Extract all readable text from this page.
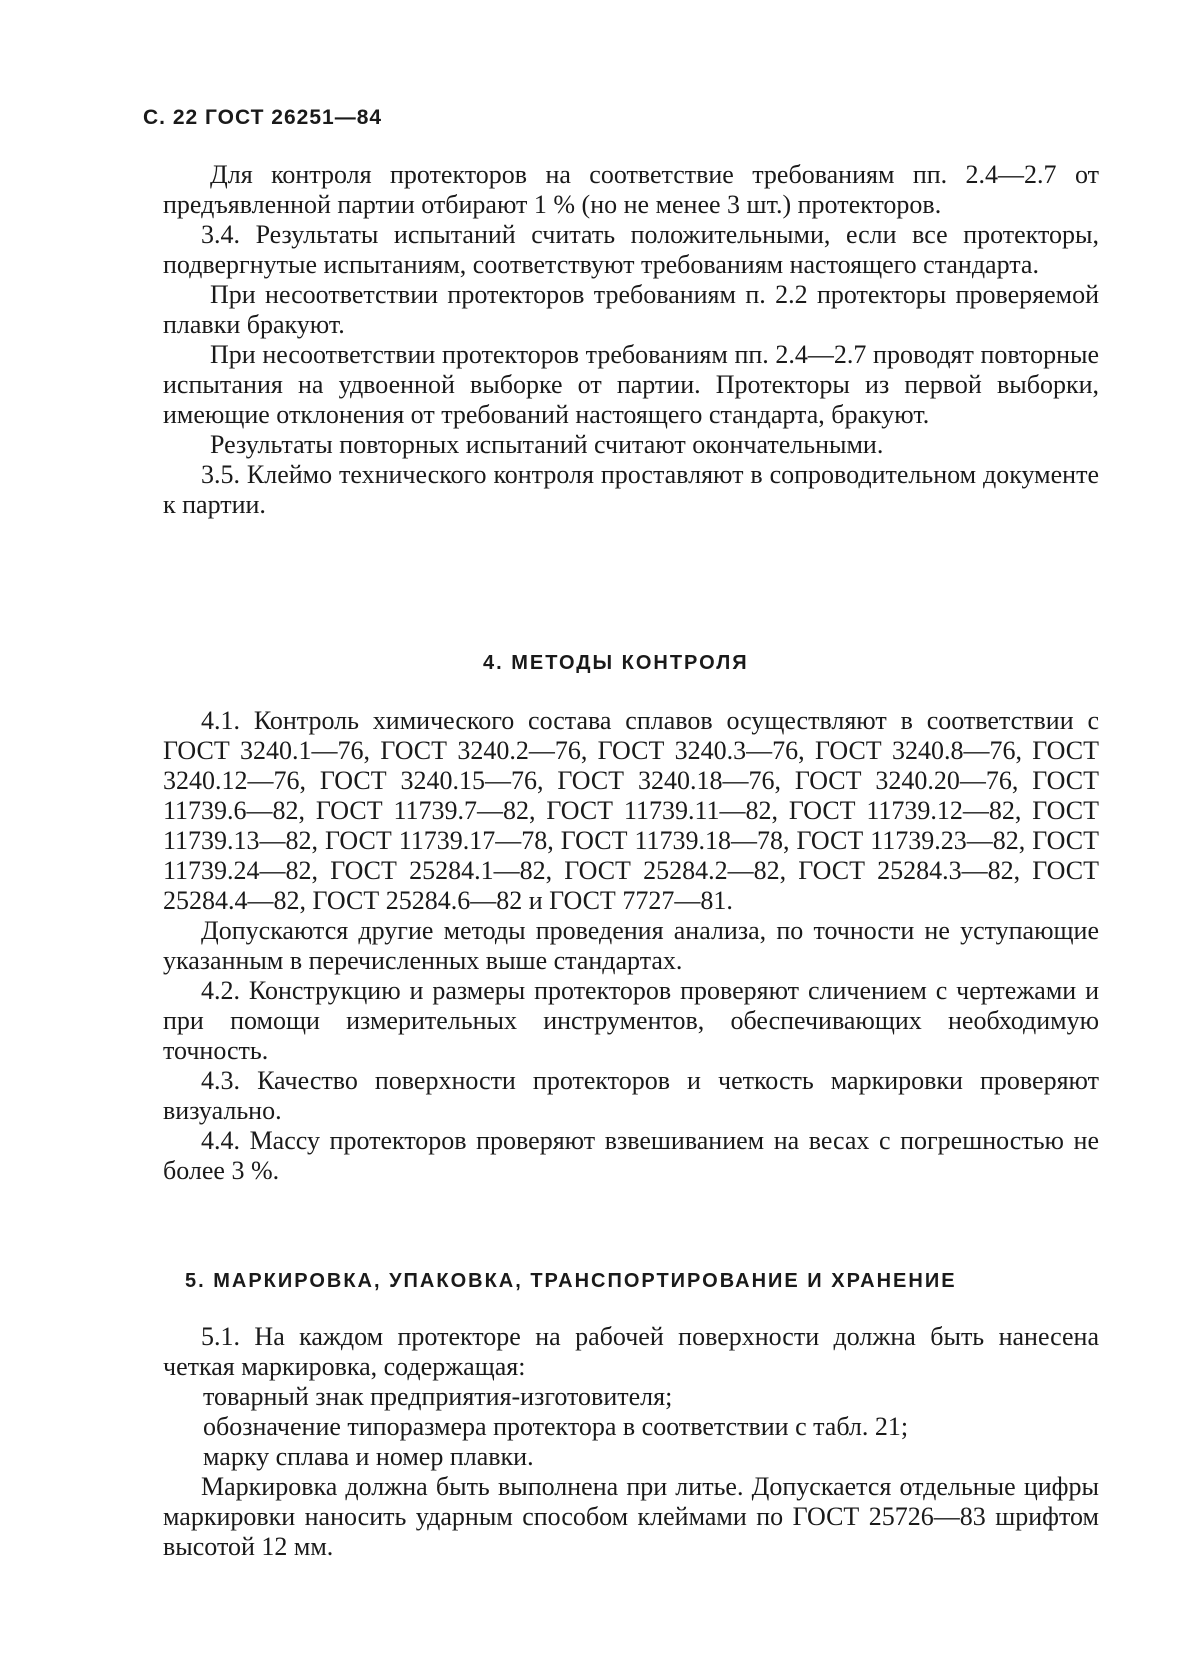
С. 22 ГОСТ 26251—84

Для контроля протекторов на соответствие требованиям пп. 2.4—2.7 от предъявленной партии отбирают 1 % (но не менее 3 шт.) протекторов.

3.4. Результаты испытаний считать положительными, если все протекторы, подвергнутые испытаниям, соответствуют требованиям настоящего стандарта.

При несоответствии протекторов требованиям п. 2.2 протекторы проверяемой плавки бракуют.

При несоответствии протекторов требованиям пп. 2.4—2.7 проводят повторные испытания на удвоенной выборке от партии. Протекторы из первой выборки, имеющие отклонения от требований настоящего стандарта, бракуют.

Результаты повторных испытаний считают окончательными.

3.5. Клеймо технического контроля проставляют в сопроводительном документе к партии.

4. МЕТОДЫ КОНТРОЛЯ

4.1. Контроль химического состава сплавов осуществляют в соответствии с ГОСТ 3240.1—76, ГОСТ 3240.2—76, ГОСТ 3240.3—76, ГОСТ 3240.8—76, ГОСТ 3240.12—76, ГОСТ 3240.15—76, ГОСТ 3240.18—76, ГОСТ 3240.20—76, ГОСТ 11739.6—82, ГОСТ 11739.7—82, ГОСТ 11739.11—82, ГОСТ 11739.12—82, ГОСТ 11739.13—82, ГОСТ 11739.17—78, ГОСТ 11739.18—78, ГОСТ 11739.23—82, ГОСТ 11739.24—82, ГОСТ 25284.1—82, ГОСТ 25284.2—82, ГОСТ 25284.3—82, ГОСТ 25284.4—82, ГОСТ 25284.6—82 и ГОСТ 7727—81.

Допускаются другие методы проведения анализа, по точности не уступающие указанным в перечисленных выше стандартах.

4.2. Конструкцию и размеры протекторов проверяют сличением с чертежами и при помощи измерительных инструментов, обеспечивающих необходимую точность.

4.3. Качество поверхности протекторов и четкость маркировки проверяют визуально.

4.4. Массу протекторов проверяют взвешиванием на весах с погрешностью не более 3 %.

5. МАРКИРОВКА, УПАКОВКА, ТРАНСПОРТИРОВАНИЕ И ХРАНЕНИЕ

5.1. На каждом протекторе на рабочей поверхности должна быть нанесена четкая маркировка, содержащая:

товарный знак предприятия-изготовителя;

обозначение типоразмера протектора в соответствии с табл. 21;

марку сплава и номер плавки.

Маркировка должна быть выполнена при литье. Допускается отдельные цифры маркировки наносить ударным способом клеймами по ГОСТ 25726—83 шрифтом высотой 12 мм.
